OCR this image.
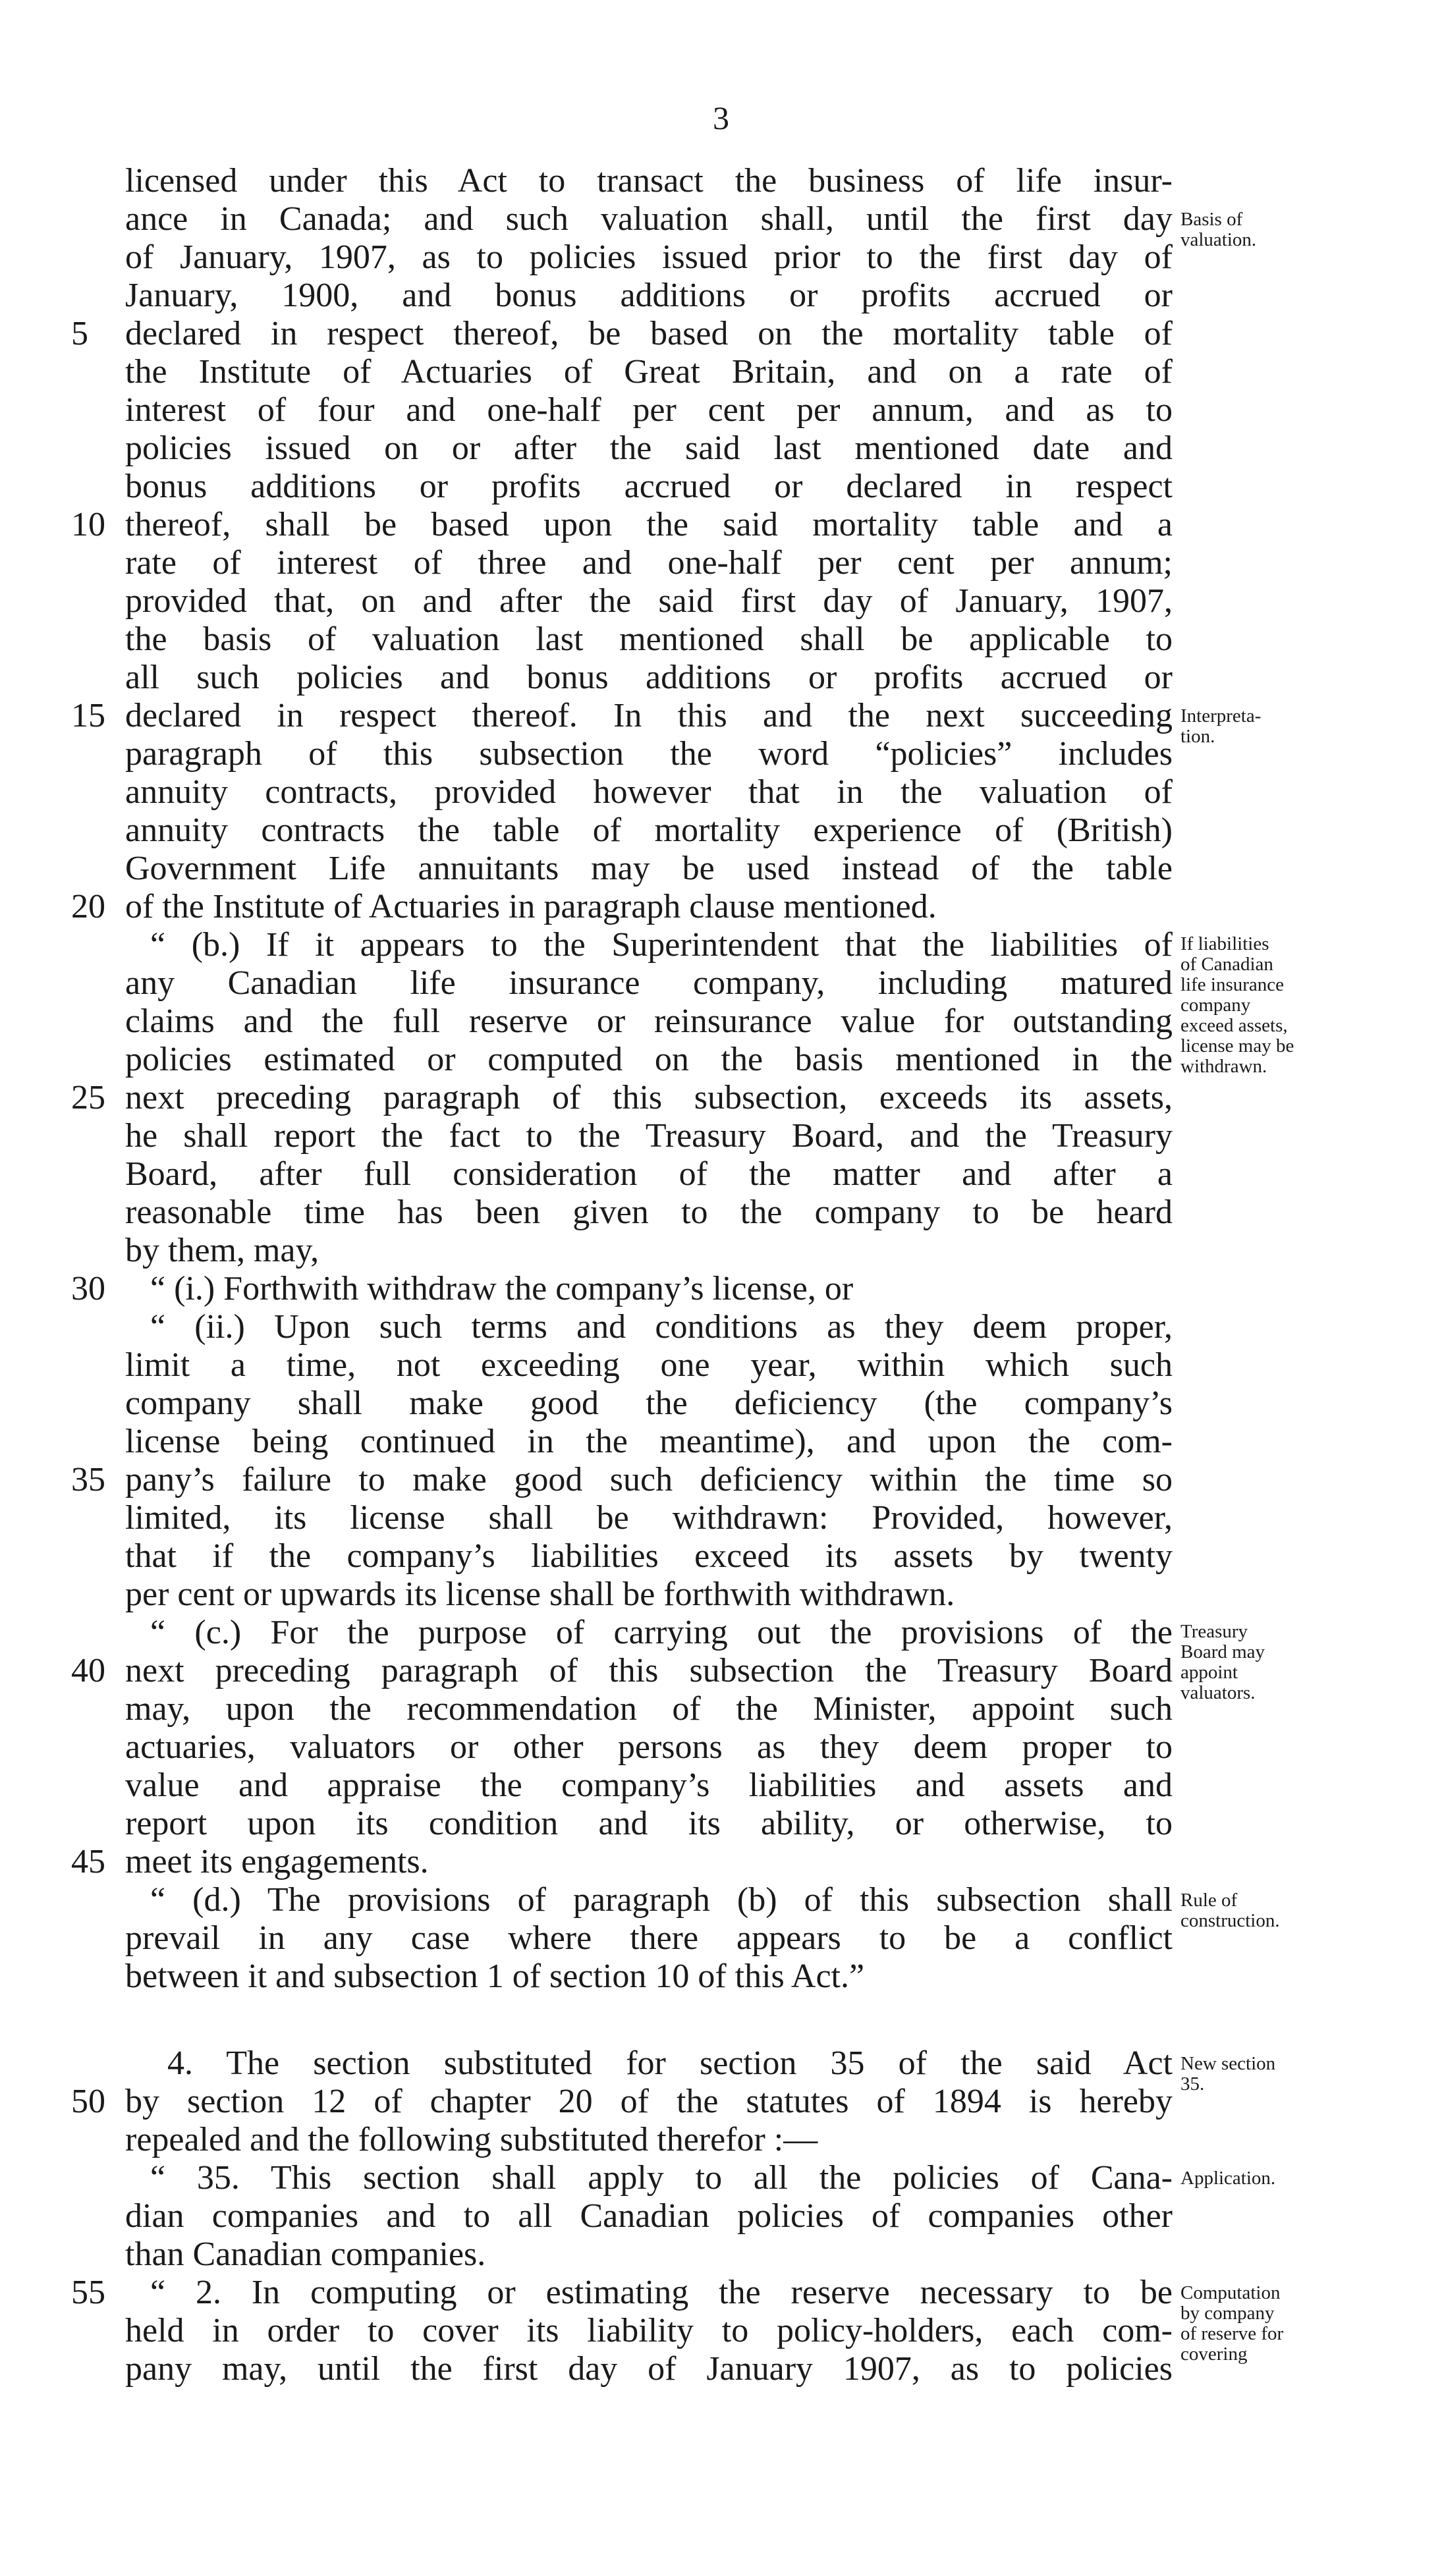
3
licensed under this Act to transact the business of life insur-
ance in Canada; and such valuation shall, until the first day
of January, 1907, as to policies issued prior to the first day of
January, 1900, and bonus additions or profits accrued or
declared in respect thereof, be based on the mortality table of
the Institute of Actuaries of Great Britain, and on a rate of
interest of four and one-half per cent per annum, and as to
policies issued on or after the said last mentioned date and
bonus additions or profits accrued or declared in respect
thereof, shall be based upon the said mortality table and a
rate of interest of three and one-half per cent per annum;
provided that, on and after the said first day of January, 1907,
the basis of valuation last mentioned shall be applicable to
all such policies and bonus additions or profits accrued or
declared in respect thereof. In this and the next succeeding
paragraph of this subsection the word “policies” includes
annuity contracts, provided however that in the valuation of
annuity contracts the table of mortality experience of (British)
Government Life annuitants may be used instead of the table
of the Institute of Actuaries in paragraph clause mentioned.
“ (b.) If it appears to the Superintendent that the liabilities of
any Canadian life insurance company, including matured
claims and the full reserve or reinsurance value for outstanding
policies estimated or computed on the basis mentioned in the
next preceding paragraph of this subsection, exceeds its assets,
he shall report the fact to the Treasury Board, and the Treasury
Board, after full consideration of the matter and after a
reasonable time has been given to the company to be heard
by them, may,
“ (i.) Forthwith withdraw the company’s license, or
“ (ii.) Upon such terms and conditions as they deem proper,
limit a time, not exceeding one year, within which such
company shall make good the deficiency (the company’s
license being continued in the meantime), and upon the com-
pany’s failure to make good such deficiency within the time so
limited, its license shall be withdrawn: Provided, however,
that if the company’s liabilities exceed its assets by twenty
per cent or upwards its license shall be forthwith withdrawn.
“ (c.) For the purpose of carrying out the provisions of the
next preceding paragraph of this subsection the Treasury Board
may, upon the recommendation of the Minister, appoint such
actuaries, valuators or other persons as they deem proper to
value and appraise the company’s liabilities and assets and
report upon its condition and its ability, or otherwise, to
meet its engagements.
“ (d.) The provisions of paragraph (b) of this subsection shall
prevail in any case where there appears to be a conflict
between it and subsection 1 of section 10 of this Act.”
4. The section substituted for section 35 of the said Act
by section 12 of chapter 20 of the statutes of 1894 is hereby
repealed and the following substituted therefor :—
“ 35. This section shall apply to all the policies of Cana-
dian companies and to all Canadian policies of companies other
than Canadian companies.
“ 2. In computing or estimating the reserve necessary to be
held in order to cover its liability to policy-holders, each com-
pany may, until the first day of January 1907, as to policies
5
10
15
20
25
30
35
40
45
50
55
Basis of
valuation.
Interpreta-
tion.
If liabilities
of Canadian
life insurance
company
exceed assets,
license may be
withdrawn.
Treasury
Board may
appoint
valuators.
Rule of
construction.
New section
35.
Application.
Computation
by company
of reserve for
covering
